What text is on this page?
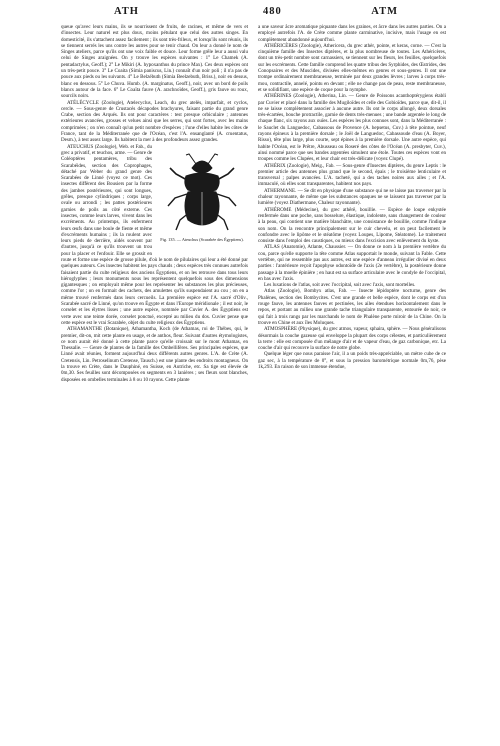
ATH	480	ATM

queue qu'avec leurs mains, ils se nourrissent de fruits, de racines, et même de vers et d'insectes. Leur naturel est plus doux, moins pétulant que celui des autres singes. En domesticité, ils s'attachent assez facilement ; ils sont très-frileux, et lorsqu'ils sont réunis, ils se tiennent serrés les uns contre les autres pour se tenir chaud. On leur a donné le nom de Singes ateliers, parce qu'ils ont une voix faible et douce. Leur forme grêle leur a aussi valu celui de Singes araignées. On y trouve les espèces suivantes : 1° Le Chamek (A. pentadactylus, Geoff.); 2° Le Mikiri (A. hypoxanthus du prince Max). Ces deux espèces ont un très-petit pouce. 3° Le Coaita (Simia paniscus, Lin.) connaît d'un noir poli ; il n'a pas de pouce aux pieds ou les suivants. 4° Le Belzébuth (Simia Beelzebuth, Briss.), noir en dessus, blanc en dessous. 5° Le Chuva. Humb. (A. marginatus, Geoff.), noir, avec un bord de poils blancs autour de la face. 6° Le Coaïta fauve (A. arachnoïdes, Geoff.), gris fauve ou roux, sourcils noirs.

ATÉLÉCYCLE (Zoologie), Atelecyclus, Leach, du grec atelès, imparfait, et cyclos, cercle. — Sous-genre de Crustacés décapodes brachyures, faisant partie du grand genre Crabe, section des Arqués. Ils ont pour caractères : test presque orbiculaire ; antennes extérieures avancées, grosses et velues ainsi que les serres, qui sont fortes, avec les mains comprimées ; on n'en connaît qu'un petit nombre d'espèces ; l'une d'elles habite les côtes de France, tant de la Méditerranée que de l'Océan, c'est l'A. ensanglanté (A. cruentatus, Desm.), à test assez large. Ils habitent la mer à des profondeurs assez grandes.

Fig. 135. — Ateuchus (Scarabée des Égyptiens).

ATEUCHUS (Zoologie), Web. et Fab., du grec a privatif, et teuchos, arme. — Genre de Coléoptères pentamères, tribu des Scarabéides, section des Coprophages, détaché par Weber du grand genre des Scarabées de Linné (voyez ce mot). Ces insectes diffèrent des Bousiers par la forme des jambes postérieures, qui sont longues, grêles, presque cylindriques ; corps large, ovale ou arrondi ; les pattes postérieures garnies de poils au côté externe. Ces insectes, comme leurs larves, vivent dans les excréments. Au printemps, ils enferment leurs œufs dans une boule de fiente et même d'excréments humains ; ils la roulent avec leurs pieds de derrière, aidés souvent par d'autres, jusqu'à ce qu'ils trouvent un trou pour la placer et l'enfouir. Elle se grossit en route et forme une espèce de grosse pilule, d'où le nom de pilulaires qui leur a été donné par quelques auteurs. Ces insectes habitent les pays chauds ; deux espèces très connues autrefois faisaient partie du culte religieux des anciens Égyptiens, et on les retrouve dans tous leurs hiéroglyphes ; leurs monuments nous les représentent quelquefois sous des dimensions gigantesques ; on employait même pour les représenter les substances les plus précieuses, comme l'or ; on en formait des cachets, des amulettes qu'ils suspendaient au cou ; on en a même trouvé renfermés dans leurs cercueils. La première espèce est l'A. sacré d'Oliv., Scarabée sacré de Linné, qu'on trouve en Égypte et dans l'Europe méridionale ; il est noir, le corselet et les élytres lisses ; une autre espèce, nommée par Cuvier A. des Égyptiens est verte avec une teinte dorée, corselet ponctué, excepté au milieu du dos. Cuvier pense que cette espèce est le vrai Scarabée, objet du culte religieux des Égyptiens.

ATHAMANTHE (Botanique), Athamantha, Koch (de Athamas, roi de Thèbes, qui, le premier, dit-on, mit cette plante en usage, et de anthos, fleur. Suivant d'autres étymologistes, ce nom aurait été donné à cette plante parce qu'elle croissait sur le mont Athamas, en Thessalie. — Genre de plantes de la famille des Ombellifères. Ses principales espèces, que Linné avait réunies, forment aujourd'hui deux différents autres genres. L'A. de Crète (A. Cretensis, Lin. Petroselinum Cretense, Tausch.) est une plante des endroits montagneux. On la trouve en Crète, dans le Dauphiné, en Suisse, en Autriche, etc. Sa tige est élevée de 0m,30. Ses feuilles sont décomposées en segments en 3 lanières ; ses fleurs sont blanches, disposées en ombelles terminales à 8 ou 10 rayons. Cette plante

a une saveur âcre aromatique piquante dans les graines, et âcre dans les autres parties. On a employé autrefois l'A. de Crète comme plante carminative, incisive, mais l'usage en est complètement abandonné aujourd'hui.

ATHÉRICÈRES (Zoologie), Athericera, du grec athèr, pointe, et keras, corne. — C'est la cinquième famille des Insectes diptères, et la plus nombreuse de toutes. Les Athéricères, dont un très-petit nombre sont carnassiers, se tiennent sur les fleurs, les feuilles, quelquefois sur les excréments. Cette famille comprend les quatre tribus des Syrphides, des Œstrides, des Conopsaires et des Muscides, divisées elles-mêmes en genres et sous-genres. Il ont une trompe ordinairement membraneuse, terminée par deux grandes lèvres ; larves à corps très-mou, contractile, annelé, pointu en devant ; elle ne change pas de peau, reste membraneuse, et se solidifiant, une espèce de coque pour la nymphe.

ATHÉRINES (Zoologie), Atherina, Lin. — Genre de Poissons acanthoptérygiens établi par Cuvier et placé dans la famille des Mugiloïdes et celle des Gobioïdes, parce que, dit-il, il ne se laisse complètement associer à aucune autre. Ils ont le corps allongé, deux dorsales très-écartées, bouche protractile, garnie de dents très-menues ; une bande argentée le long de chaque flanc, six rayons aux ouïes. Les espèces les plus connues sont, dans la Méditerranée : le Sauclet du Languedoc, Cabassous de Provence (A. hepsetus, Cuv.) à tête pointue, neuf rayons épineux à la première dorsale ; le Joël de Languedoc, Cabassoude d'eau (A. Boyer, Risso), tête plus large, plus courte, sept épines à la première dorsale. Une autre espèce, qui habite l'Océan, est le Prêtre, Abusseau ou Roseré des côtes de l'Océan (A. presbyter, Cuv.), ainsi nommé parce que ses bandes argentées simulent une étole. Toutes ces espèces vont en troupes comme les Clupées, et leur chair est très-délicate (voyez Clupé).

ATHÉRIX (Zoologie), Meig., Fab. — Sous-genre d'Insectes diptères, du genre Leptis : le premier article des antennes plus grand que le second, épais ; le troisième lenticulaire et transversal ; palpes avancées. L'A. tacheté, qui a des taches noires aux ailes ; et l'A. immaculé, où elles sont transparentes, habitent nos pays.

ATHERMANE. — Se dit en physique d'une substance qui ne se laisse pas traverser par la chaleur rayonnante, de même que les substances opaques ne se laissent pas traverser par la lumière (voyez Diathermane, Chaleur rayonnante).

ATHÉROME (Médecine), du grec athêrê, bouillie. — Espèce de loupe enkystée renfermée dans une poche, sans bosselure, élastique, indolente, sans changement de couleur à la peau, qui contient une matière blanchâtre, une consistance de bouillie, comme l'indique son nom. On la rencontre principalement sur le cuir chevelu, et on peut facilement le confondre avec le lipôme et le stéatôme (voyez Loupes, Lipome, Stéatome). Le traitement consiste dans l'emploi des caustiques, ou mieux dans l'excision avec enlèvement du kyste.

ATLAS (Anatomie), Atlante, Chaussier. — On donne ce nom à la première vertèbre du cou, parce qu'elle supporte la tête comme Atlas supportait le monde, suivant la Fable. Cette vertèbre, qui ne ressemble pas aux autres, est une espèce d'anneau irrégulier divisé en deux parties : l'antérieure reçoit l'apophyse odontoïde de l'axis (2e vertèbre), la postérieure donne passage à la moelle épinière ; en haut est sa surface articulaire avec le condyle de l'occipital, en bas avec l'axis.

Les luxations de l'atlas, soit avec l'occipital, soit avec l'axis, sont mortelles.

Atlas (Zoologie), Bombyx atlas, Fab. — Insecte lépidoptère nocturne, genre des Phalènes, section des Bombycites. C'est une grande et belle espèce, dont le corps est d'un rouge fauve, les antennes fauves et pectinées, les ailes étendues horizontalement dans le repos, et portant au milieu une grande tache triangulaire transparente, entourée de noir, ce qui fait à trois rangs par les marchands le nom de Phalène porte miroir de la Chine. On la trouve en Chine et aux îles Moluques.

ATMOSPHÈRE (Physique), du grec atmos, vapeur, sphaira, sphère. — Nous généralisons désormais la couche gazeuse qui enveloppe la plupart des corps célestes, et particulièrement la terre : elle est composée d'un mélange d'air et de vapeur d'eau, de gaz carbonique, etc. La couche d'air qui recouvre la surface de notre globe.

Quelque léger que nous paraisse l'air, il a un poids très-appréciable, un mètre cube de ce gaz sec, à la température de 0°, et sous la pression barométrique normale 0m,76, pèse 1k,293. En raison de son immense étendue,
